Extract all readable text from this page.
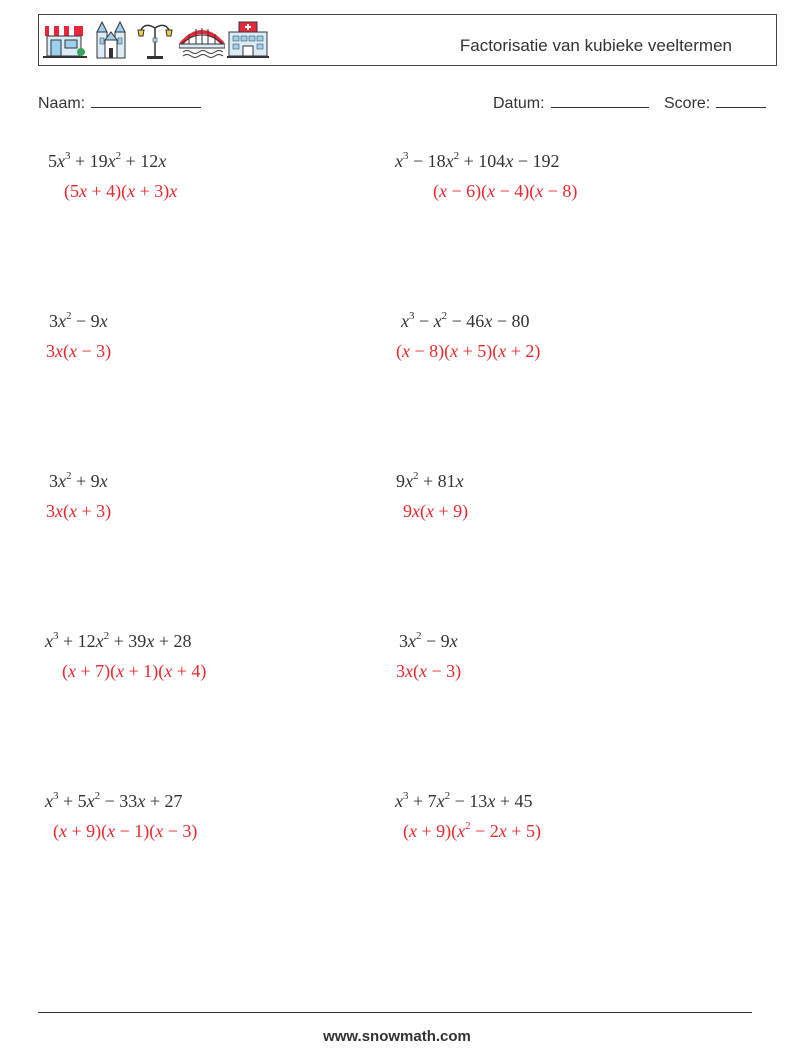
Factorisatie van kubieke veeltermen
Naam:	Datum:	Score:
$5x^3 + 19x^2 + 12x$
(5x + 4)(x + 3)x
$x^3 - 18x^2 + 104x - 192$
(x − 6)(x − 4)(x − 8)
$3x^2 - 9x$
3x(x − 3)
$x^3 - x^2 - 46x - 80$
(x − 8)(x + 5)(x + 2)
$3x^2 + 9x$
3x(x + 3)
$9x^2 + 81x$
9x(x + 9)
$x^3 + 12x^2 + 39x + 28$
(x + 7)(x + 1)(x + 4)
$3x^2 - 9x$
3x(x − 3)
$x^3 + 5x^2 - 33x + 27$
(x + 9)(x − 1)(x − 3)
$x^3 + 7x^2 - 13x + 45$
$(x + 9)(x^2 - 2x + 5)$
www.snowmath.com
